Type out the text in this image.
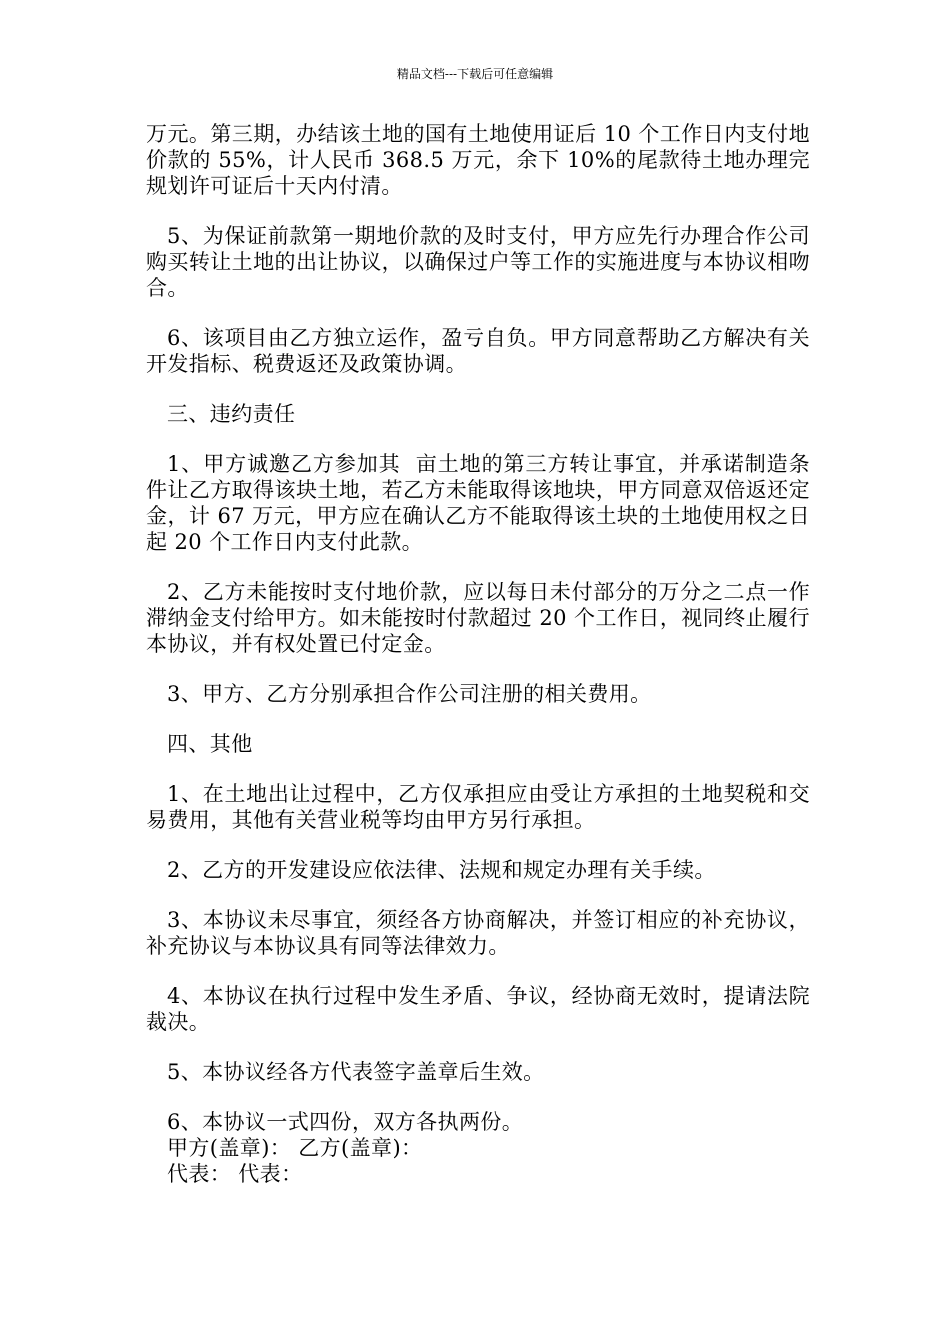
精品文档---下载后可任意编辑

万元。第三期，办结该土地的国有土地使用证后 10 个工作日内支付地价款的 55%，计人民币 368.5 万元，余下 10%的尾款待土地办理完规划许可证后十天内付清。

5、为保证前款第一期地价款的及时支付，甲方应先行办理合作公司购买转让土地的出让协议，以确保过户等工作的实施进度与本协议相吻合。

6、该项目由乙方独立运作，盈亏自负。甲方同意帮助乙方解决有关开发指标、税费返还及政策协调。

三、违约责任

1、甲方诚邀乙方参加其  亩土地的第三方转让事宜，并承诺制造条件让乙方取得该块土地，若乙方未能取得该地块，甲方同意双倍返还定金，计 67 万元，甲方应在确认乙方不能取得该土块的土地使用权之日起 20 个工作日内支付此款。

2、乙方未能按时支付地价款，应以每日未付部分的万分之二点一作滞纳金支付给甲方。如未能按时付款超过 20 个工作日，视同终止履行本协议，并有权处置已付定金。

3、甲方、乙方分别承担合作公司注册的相关费用。

四、其他

1、在土地出让过程中，乙方仅承担应由受让方承担的土地契税和交易费用，其他有关营业税等均由甲方另行承担。

2、乙方的开发建设应依法律、法规和规定办理有关手续。

3、本协议未尽事宜，须经各方协商解决，并签订相应的补充协议，补充协议与本协议具有同等法律效力。

4、本协议在执行过程中发生矛盾、争议，经协商无效时，提请法院裁决。

5、本协议经各方代表签字盖章后生效。

6、本协议一式四份，双方各执两份。

甲方(盖章)： 乙方(盖章)：

代表： 代表：
